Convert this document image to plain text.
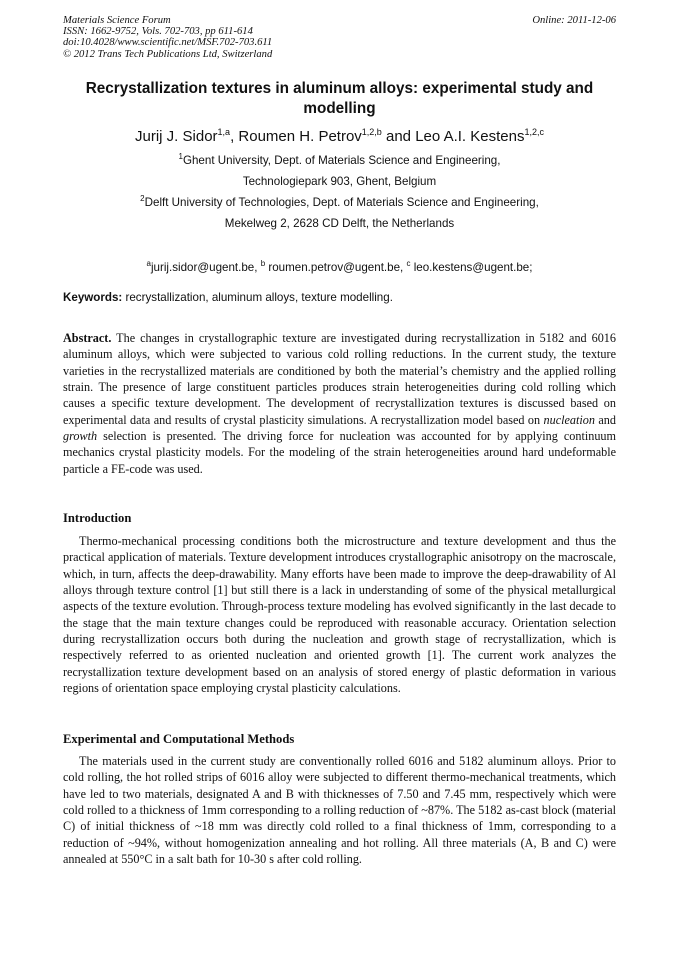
Materials Science Forum
ISSN: 1662-9752, Vols. 702-703, pp 611-614
doi:10.4028/www.scientific.net/MSF.702-703.611
© 2012 Trans Tech Publications Ltd, Switzerland
Online: 2011-12-06
Recrystallization textures in aluminum alloys: experimental study and modelling
Jurij J. Sidor$^{1,a}$, Roumen H. Petrov$^{1,2,b}$ and Leo A.I. Kestens$^{1,2,c}$
$^1$Ghent University, Dept. of Materials Science and Engineering,
Technologiepark 903, Ghent, Belgium
$^2$Delft University of Technologies, Dept. of Materials Science and Engineering,
Mekelweg 2, 2628 CD Delft, the Netherlands
$^a$jurij.sidor@ugent.be, $^b$ roumen.petrov@ugent.be, $^c$ leo.kestens@ugent.be;
Keywords: recrystallization, aluminum alloys, texture modelling.
Abstract. The changes in crystallographic texture are investigated during recrystallization in 5182 and 6016 aluminum alloys, which were subjected to various cold rolling reductions. In the current study, the texture varieties in the recrystallized materials are conditioned by both the material’s chemistry and the applied rolling strain. The presence of large constituent particles produces strain heterogeneities during cold rolling which causes a specific texture development. The development of recrystallization textures is discussed based on experimental data and results of crystal plasticity simulations. A recrystallization model based on nucleation and growth selection is presented. The driving force for nucleation was accounted for by applying continuum mechanics crystal plasticity models. For the modeling of the strain heterogeneities around hard undeformable particle a FE-code was used.
Introduction
Thermo-mechanical processing conditions both the microstructure and texture development and thus the practical application of materials. Texture development introduces crystallographic anisotropy on the macroscale, which, in turn, affects the deep-drawability. Many efforts have been made to improve the deep-drawability of Al alloys through texture control [1] but still there is a lack in understanding of some of the physical metallurgical aspects of the texture evolution. Through-process texture modeling has evolved significantly in the last decade to the stage that the main texture changes could be reproduced with reasonable accuracy. Orientation selection during recrystallization occurs both during the nucleation and growth stage of recrystallization, which is respectively referred to as oriented nucleation and oriented growth [1]. The current work analyzes the recrystallization texture development based on an analysis of stored energy of plastic deformation in various regions of orientation space employing crystal plasticity calculations.
Experimental and Computational Methods
The materials used in the current study are conventionally rolled 6016 and 5182 aluminum alloys. Prior to cold rolling, the hot rolled strips of 6016 alloy were subjected to different thermo-mechanical treatments, which have led to two materials, designated A and B with thicknesses of 7.50 and 7.45 mm, respectively which were cold rolled to a thickness of 1mm corresponding to a rolling reduction of ~87%. The 5182 as-cast block (material C) of initial thickness of ~18 mm was directly cold rolled to a final thickness of 1mm, corresponding to a reduction of ~94%, without homogenization annealing and hot rolling. All three materials (A, B and C) were annealed at 550°C in a salt bath for 10-30 s after cold rolling.
